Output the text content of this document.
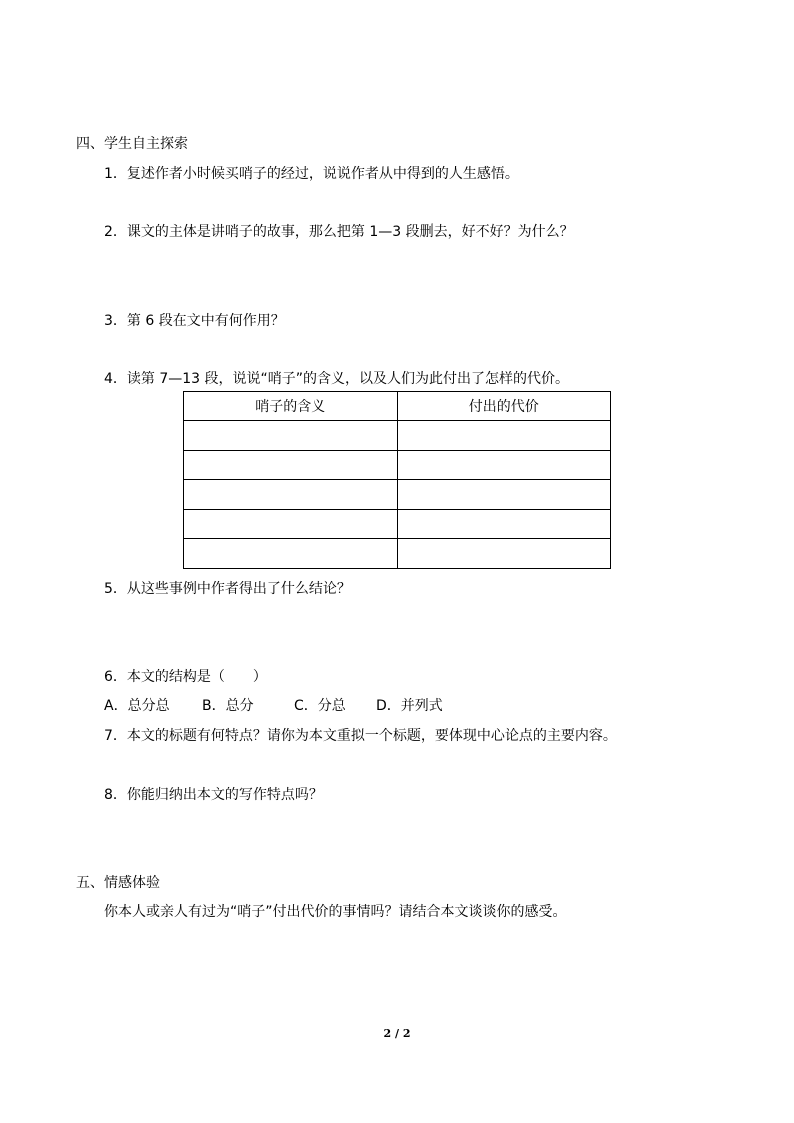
四、学生自主探索
1．复述作者小时候买哨子的经过，说说作者从中得到的人生感悟。
2．课文的主体是讲哨子的故事，那么把第 1—3 段删去，好不好？为什么？
3．第 6 段在文中有何作用？
4．读第 7—13 段，说说“哨子”的含义，以及人们为此付出了怎样的代价。
哨子的含义	付出的代价

5．从这些事例中作者得出了什么结论？
6．本文的结构是（　　）
A．总分总 B．总分	C．分总 D．并列式
7．本文的标题有何特点？请你为本文重拟一个标题，要体现中心论点的主要内容。
8．你能归纳出本文的写作特点吗？
五、情感体验
你本人或亲人有过为“哨子”付出代价的事情吗？请结合本文谈谈你的感受。
2 / 2
